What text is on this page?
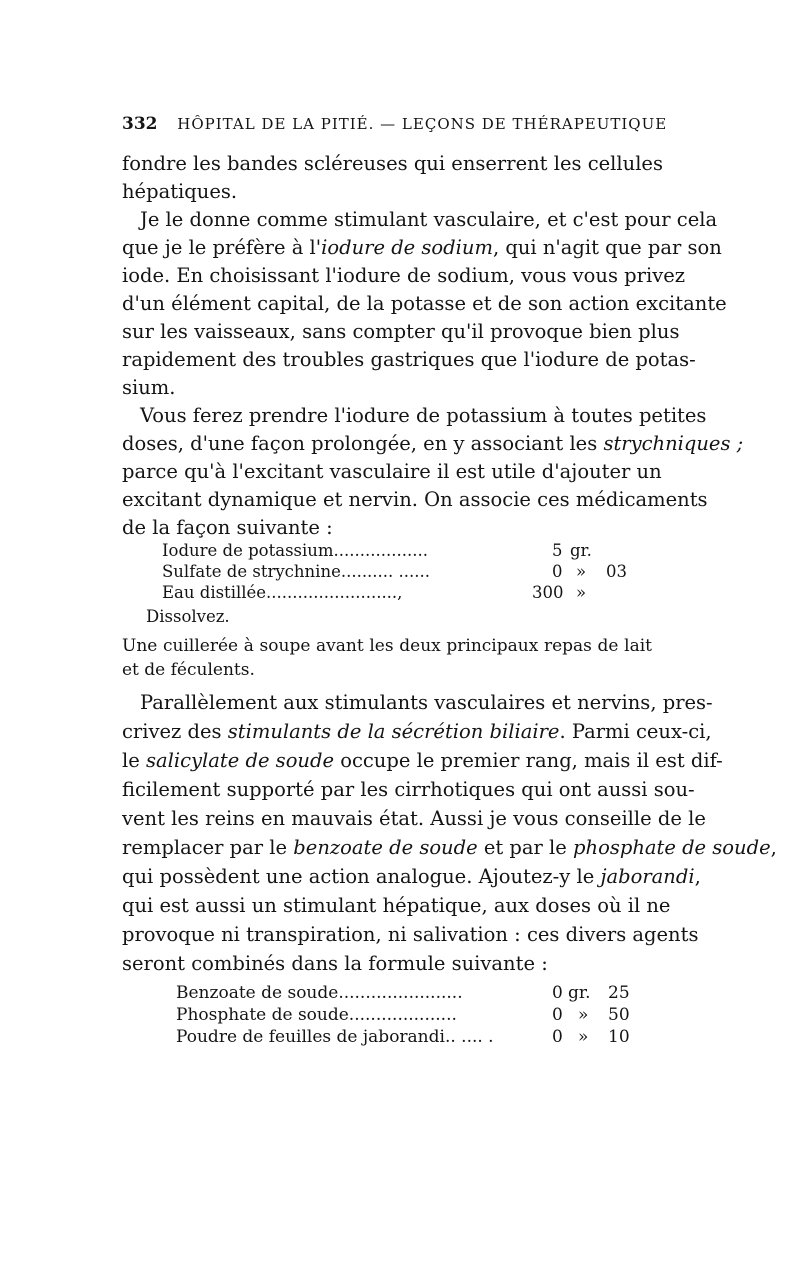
332 HÔPITAL DE LA PITIÉ. — LEÇONS DE THÉRAPEUTIQUE
fondre les bandes scléreuses qui enserrent les cellules
hépatiques.
Je le donne comme stimulant vasculaire, et c'est pour cela
que je le préfère à l'iodure de sodium, qui n'agit que par son
iode. En choisissant l'iodure de sodium, vous vous privez
d'un élément capital, de la potasse et de son action excitante
sur les vaisseaux, sans compter qu'il provoque bien plus
rapidement des troubles gastriques que l'iodure de potas-
sium.
Vous ferez prendre l'iodure de potassium à toutes petites
doses, d'une façon prolongée, en y associant les strychniques ;
parce qu'à l'excitant vasculaire il est utile d'ajouter un
excitant dynamique et nervin. On associe ces médicaments
de la façon suivante :
Iodure de potassium..................	5 gr.
Sulfate de strychnine.......... ......	0 » 03
Eau distillée.........................,	300 »
Dissolvez.
Une cuillerée à soupe avant les deux principaux repas de lait
et de féculents.
Parallèlement aux stimulants vasculaires et nervins, pres-
crivez des stimulants de la sécrétion biliaire. Parmi ceux-ci,
le salicylate de soude occupe le premier rang, mais il est dif-
ficilement supporté par les cirrhotiques qui ont aussi sou-
vent les reins en mauvais état. Aussi je vous conseille de le
remplacer par le benzoate de soude et par le phosphate de soude,
qui possèdent une action analogue. Ajoutez-y le jaborandi,
qui est aussi un stimulant hépatique, aux doses où il ne
provoque ni transpiration, ni salivation : ces divers agents
seront combinés dans la formule suivante :
Benzoate de soude.......................	0 gr. 25
Phosphate de soude....................	0 » 50
Poudre de feuilles de jaborandi.. .... .	0 » 10
